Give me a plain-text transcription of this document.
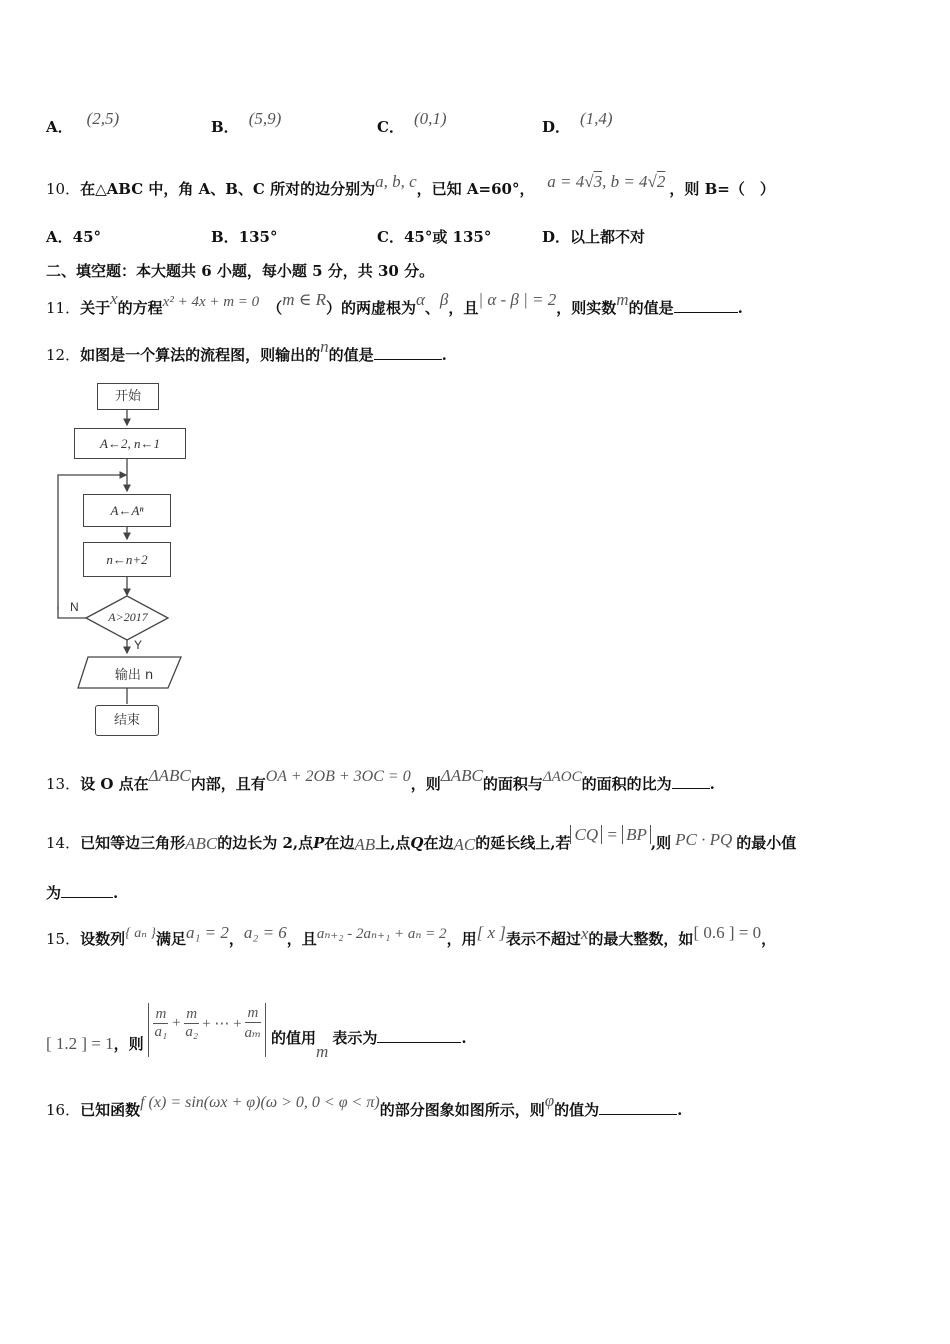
A． (2,5)	B． (5,9)	C． (0,1)	D． (1,4)
10．在△ABC 中，角 A、B、C 所对的边分别为a, b, c，已知 A=60°， a = 4√3, b = 4√2 ，则 B=（　）
A．45°	B．135°	C．45°或 135°	D．以上都不对
二、填空题：本大题共 6 小题，每小题 5 分，共 30 分。
11．关于x的方程x² + 4x + m = 0 （m ∈ R）的两虚根为α、β，且| α - β | = 2，则实数m的值是	.
12．如图是一个算法的流程图，则输出的n的值是	.
开始
A←2, n←1
A←Aⁿ
n←n+2
A>2017
N
Y
输出 n
结束
13．设 O 点在ΔABC内部，且有OA + 2OB + 3OC = 0，则ΔABC的面积与ΔAOC的面积的比为	.
14．已知等边三角形ABC的边长为 2,点P在边AB上,点Q在边AC的延长线上,若 CQ = BP ,则 PC · PQ 的最小值
为	.
15．设数列{ aₙ }满足a₁ = 2，a₂ = 6，且aₙ₊₂ - 2aₙ₊₁ + aₙ = 2，用[ x ]表示不超过x的最大整数，如[ 0.6 ] = 0，
[ 1.2 ] = 1，则
$\frac{m}{\text{a₁}} + \frac{m}{\text{a₂}}$ + ⋯ + $\frac{m}{\text{aₘ}}$ 的值用m表示为	.
16．已知函数f (x) = sin(ωx + φ)(ω > 0, 0 < φ < π)的部分图象如图所示，则φ的值为	.
